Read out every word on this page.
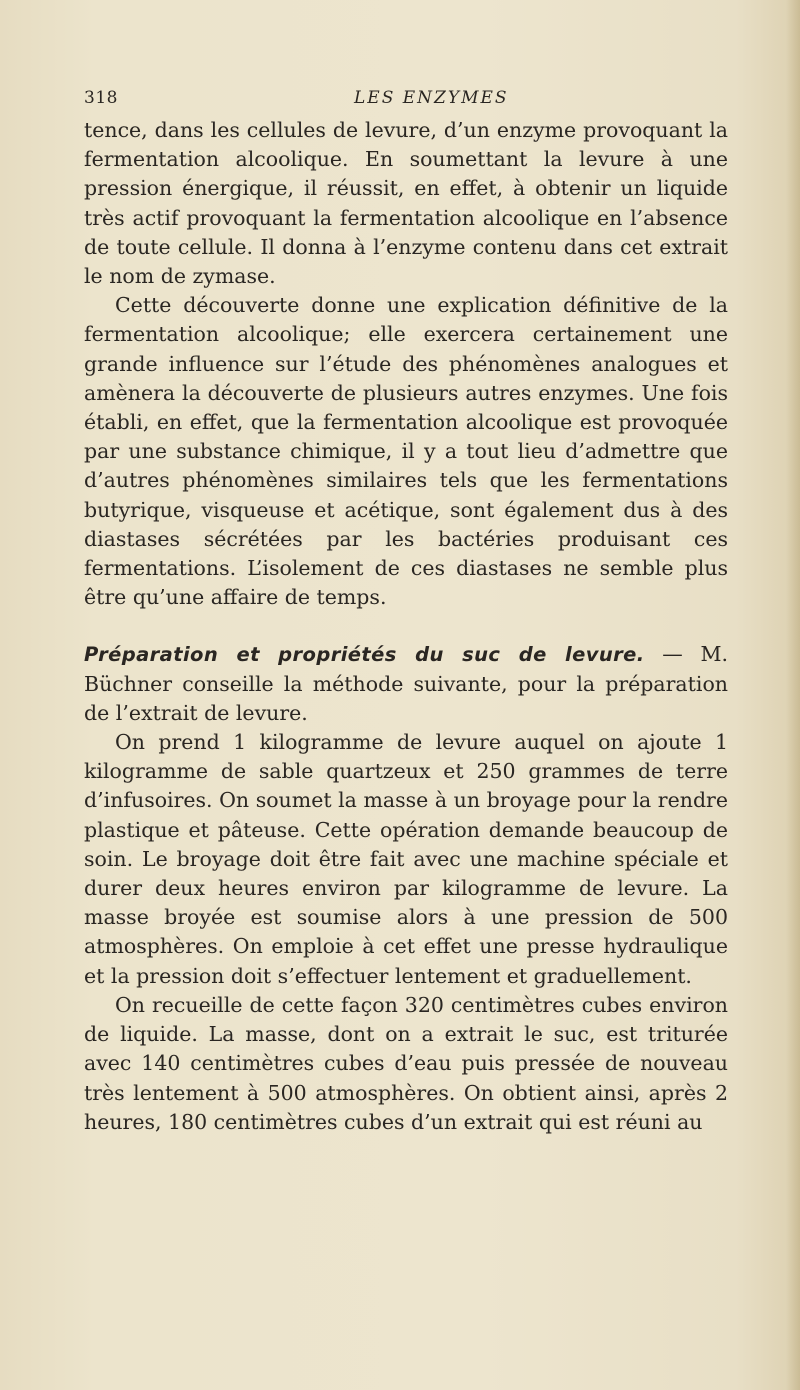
318	LES ENZYMES

tence, dans les cellules de levure, d’un enzyme provoquant la fermentation alcoolique. En soumettant la levure à une pression énergique, il réussit, en effet, à obtenir un liquide très actif provoquant la fermentation alcoolique en l’absence de toute cellule. Il donna à l’enzyme contenu dans cet extrait le nom de zymase.

Cette découverte donne une explication définitive de la fermentation alcoolique; elle exercera certainement une grande influence sur l’étude des phénomènes analogues et amènera la découverte de plusieurs autres enzymes. Une fois établi, en effet, que la fermentation alcoolique est provoquée par une substance chimique, il y a tout lieu d’admettre que d’autres phénomènes similaires tels que les fermentations butyrique, visqueuse et acétique, sont également dus à des diastases sécrétées par les bactéries produisant ces fermentations. L’isolement de ces diastases ne semble plus être qu’une affaire de temps.

Préparation et propriétés du suc de levure. — M. Büchner conseille la méthode suivante, pour la préparation de l’extrait de levure.

On prend 1 kilogramme de levure auquel on ajoute 1 kilogramme de sable quartzeux et 250 grammes de terre d’infusoires. On soumet la masse à un broyage pour la rendre plastique et pâteuse. Cette opération demande beaucoup de soin. Le broyage doit être fait avec une machine spéciale et durer deux heures environ par kilogramme de levure. La masse broyée est soumise alors à une pression de 500 atmosphères. On emploie à cet effet une presse hydraulique et la pression doit s’effectuer lentement et graduellement.

On recueille de cette façon 320 centimètres cubes environ de liquide. La masse, dont on a extrait le suc, est triturée avec 140 centimètres cubes d’eau puis pressée de nouveau très lentement à 500 atmosphères. On obtient ainsi, après 2 heures, 180 centimètres cubes d’un extrait qui est réuni au
